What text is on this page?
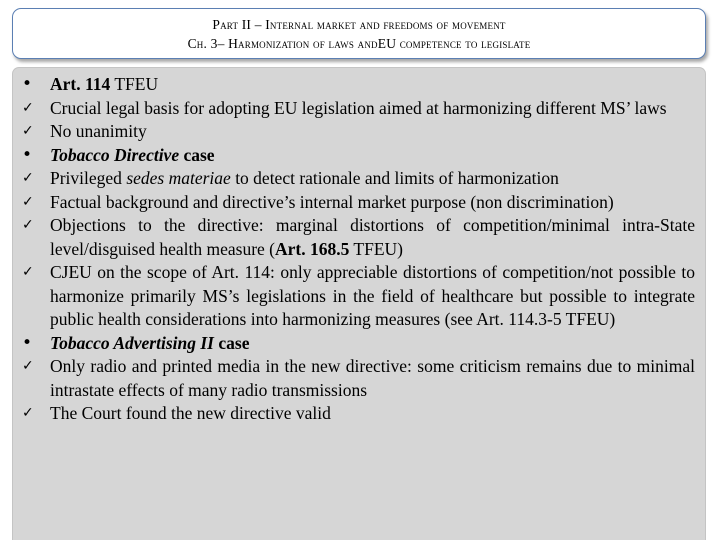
Part II – Internal market and freedoms of movement
Ch. 3– Harmonization of laws andEU competence to legislate
•	Art. 114 TFEU
✓ Crucial legal basis for adopting EU legislation aimed at harmonizing different MS’ laws
✓ No unanimity
•	Tobacco Directive case
✓ Privileged sedes materiae to detect rationale and limits of harmonization
✓ Factual background and directive’s internal market purpose (non discrimination)
✓ Objections to the directive: marginal distortions of competition/minimal intra-State level/disguised health measure (Art. 168.5 TFEU)
✓ CJEU on the scope of Art. 114: only appreciable distortions of competition/not possible to harmonize primarily MS’s legislations in the field of healthcare but possible to integrate public health considerations into harmonizing measures (see Art. 114.3-5 TFEU)
•	Tobacco Advertising II case
✓ Only radio and printed media in the new directive: some criticism remains due to minimal intrastate effects of many radio transmissions
✓ The Court found the new directive valid
